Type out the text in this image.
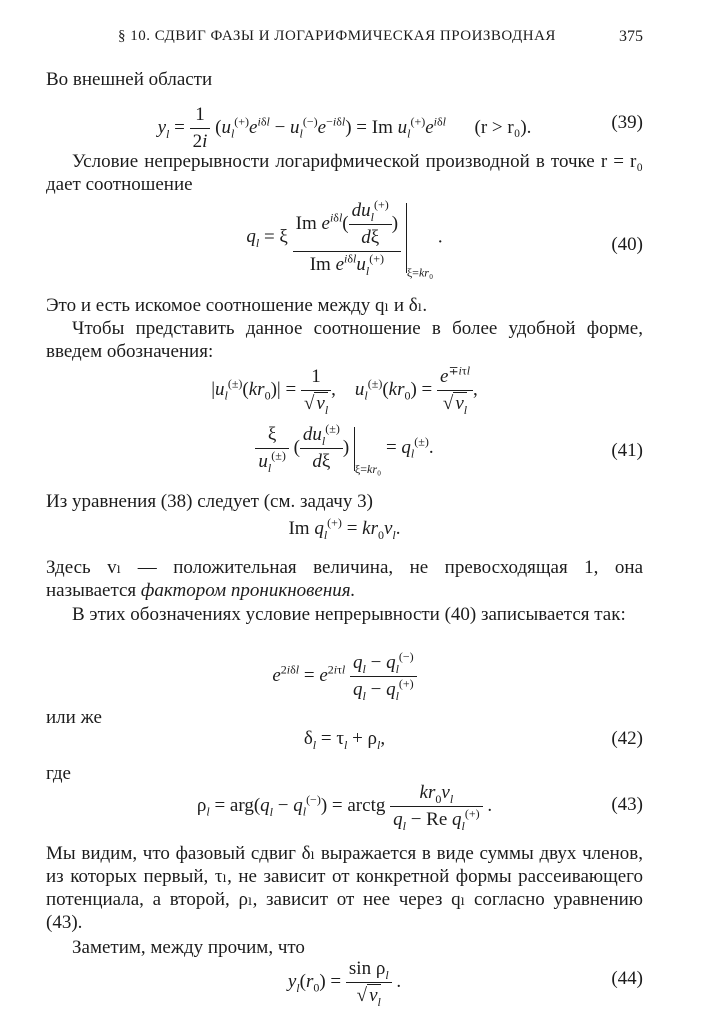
§ 10. СДВИГ ФАЗЫ И ЛОГАРИФМИЧЕСКАЯ ПРОИЗВОДНАЯ	375

Во внешней области

$y_l = \frac{1}{2i} (u_l^{(+)}e^{i\delta l} - u_l^{(-)}e^{-i\delta l}) = Im$ $u_l^{(+)}e^{i\delta l}$ (r > r₀).	(39)

Условие непрерывности логарифмической производной в точке r = r₀ дает соотношение

$q_l = \xi \frac{Im e^{i\delta l}( \frac{du_l^{(+)}}{d\xi} )}{Im e^{i\delta l}u_l^{(+)}} _{\xi=kr_0}$ .	(40)

Это и есть искомое соотношение между qₗ и δₗ.

Чтобы представить данное соотношение в более удобной форме, введем обозначения:

$|u_l^{(\pm)}(kr_0)| = \frac{1}{√ v_l}$ ,    $u_l^{(\pm)}(kr_0) = \frac{e^{\mp i\tau l}}{√ v_l}$ ,
$\frac{\xi}{u_l^{(\pm)}}$ ( $\frac{du_l^{(\pm)}}{d\xi}$ ) $_{\xi=kr_0} = q_l^{(\pm)}$.	(41)

Из уравнения (38) следует (см. задачу 3)

Im $q_l^{(+)} = kr_0v_l$.

Здесь vₗ — положительная величина, не превосходящая 1, она называется фактором проникновения.

В этих обозначениях условие непрерывности (40) записывается так:

$e^{2i\delta l} = e^{2i\tau l} \frac{q_l - q_l^{(-)}}{q_l - q_l^{(+)}}$

или же

$\delta_l = \tau_l + \rho_l$,	(42)

где

$\rho_l = arg(q_l - q_l^{(-)})$ = arctg $\frac{kr_0v_l}{q_l - Re q_l^{(+)}}$ .	(43)

Мы видим, что фазовый сдвиг δₗ выражается в виде суммы двух членов, из которых первый, τₗ, не зависит от конкретной формы рассеивающего потенциала, а второй, ρₗ, зависит от нее через qₗ согласно уравнению (43).

Заметим, между прочим, что

$y_l(r_0) = \frac{\sin \rho_l}{√ v_l}$ .	(44)
